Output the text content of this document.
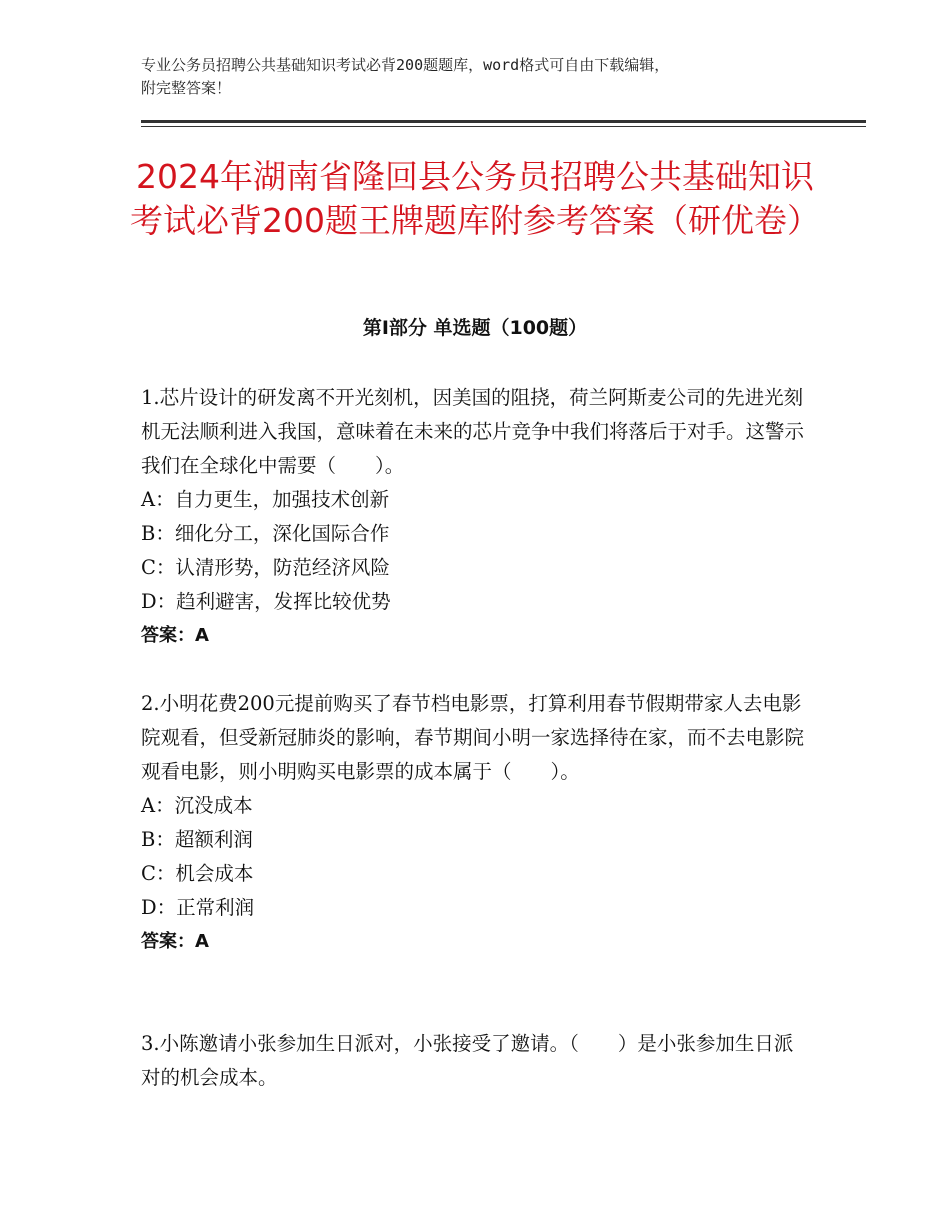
专业公务员招聘公共基础知识考试必背200题题库，word格式可自由下载编辑，
附完整答案！
2024年湖南省隆回县公务员招聘公共基础知识考试必背200题王牌题库附参考答案（研优卷）
第Ⅰ部分 单选题（100题）

1.芯片设计的研发离不开光刻机，因美国的阻挠，荷兰阿斯麦公司的先进光刻机无法顺利进入我国，意味着在未来的芯片竞争中我们将落后于对手。这警示我们在全球化中需要（　　）。

A：自力更生，加强技术创新

B：细化分工，深化国际合作

C：认清形势，防范经济风险

D：趋利避害，发挥比较优势

答案：A

2.小明花费200元提前购买了春节档电影票，打算利用春节假期带家人去电影院观看，但受新冠肺炎的影响，春节期间小明一家选择待在家，而不去电影院观看电影，则小明购买电影票的成本属于（　　）。

A：沉没成本

B：超额利润

C：机会成本

D：正常利润

答案：A

3.小陈邀请小张参加生日派对，小张接受了邀请。（　　）是小张参加生日派对的机会成本。
